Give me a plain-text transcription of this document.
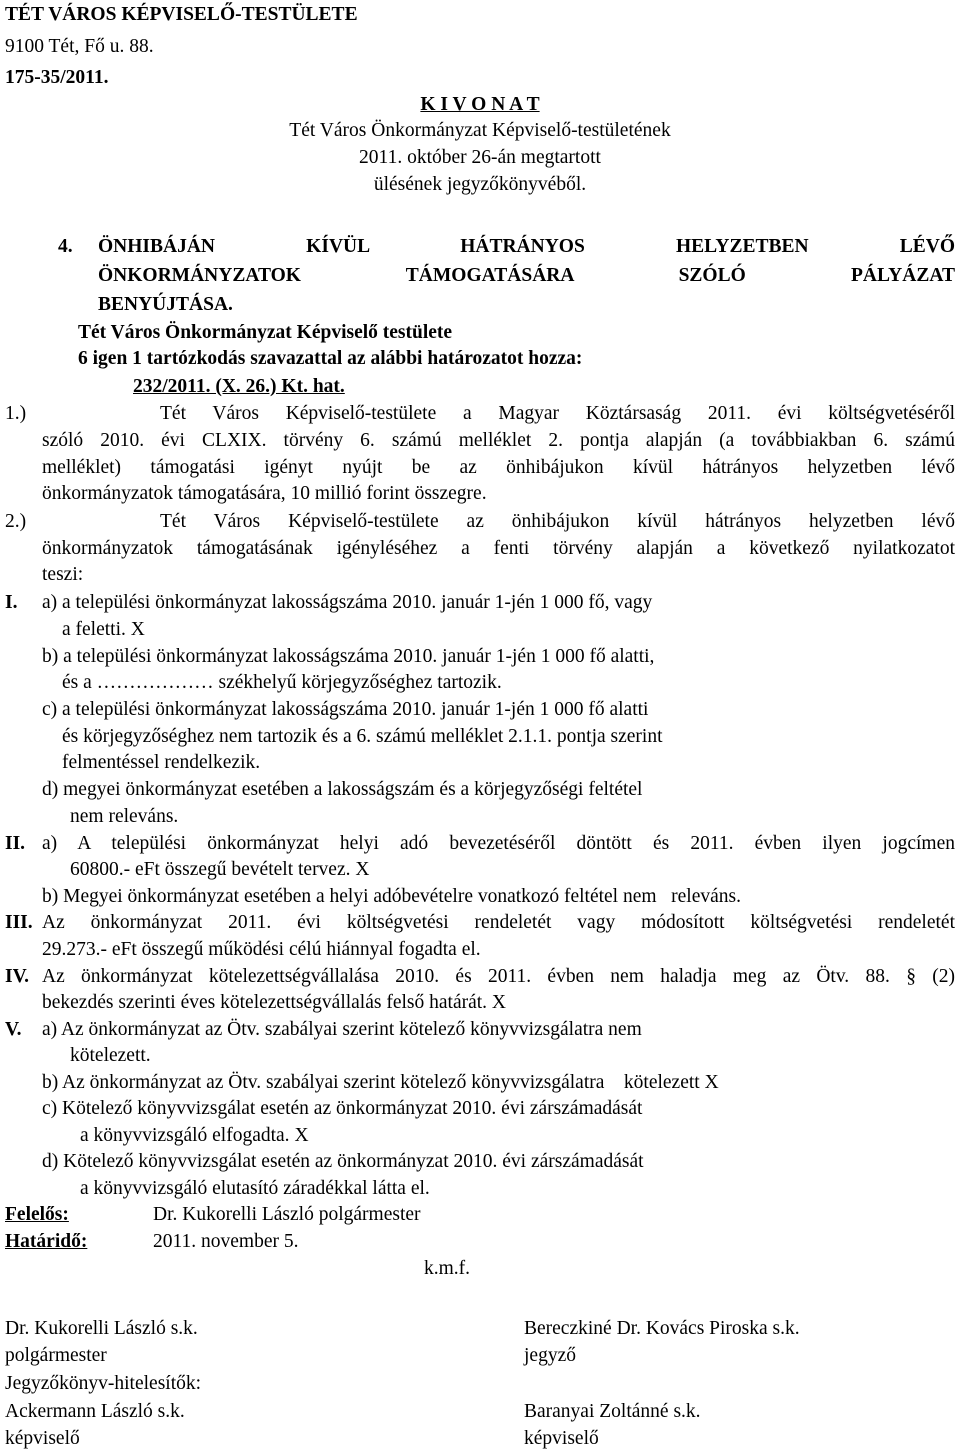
TÉT VÁROS KÉPVISELŐ-TESTÜLETE
9100 Tét, Fő u. 88.
175-35/2011.
K I V O N A T
Tét Város Önkormányzat Képviselő-testületének
2011. október 26-án megtartott
ülésének jegyzőkönyvéből.
4. ÖNHIBÁJÁN KÍVÜL HÁTRÁNYOS HELYZETBEN LÉVŐ
ÖNKORMÁNYZATOK TÁMOGATÁSÁRA SZÓLÓ PÁLYÁZAT
BENYÚJTÁSA.
Tét Város Önkormányzat Képviselő testülete
6 igen 1 tartózkodás szavazattal az alábbi határozatot hozza:
232/2011. (X. 26.) Kt. hat.
1.)	Tét Város Képviselő-testülete a Magyar Köztársaság 2011. évi költségvetéséről
szóló 2010. évi CLXIX. törvény 6. számú melléklet 2. pontja alapján (a továbbiakban 6. számú
melléklet) támogatási igényt nyújt be az önhibájukon kívül hátrányos helyzetben lévő
önkormányzatok támogatására, 10 millió forint összegre.
2.)	Tét Város Képviselő-testülete az önhibájukon kívül hátrányos helyzetben lévő
önkormányzatok támogatásának igényléséhez a fenti törvény alapján a következő nyilatkozatot
teszi:
I. a) a települési önkormányzat lakosságszáma 2010. január 1-jén 1 000 fő, vagy
a feletti. X
b) a települési önkormányzat lakosságszáma 2010. január 1-jén 1 000 fő alatti,
és a ……………… székhelyű körjegyzőséghez tartozik.
c) a települési önkormányzat lakosságszáma 2010. január 1-jén 1 000 fő alatti
és körjegyzőséghez nem tartozik és a 6. számú melléklet 2.1.1. pontja szerint
felmentéssel rendelkezik.
d) megyei önkormányzat esetében a lakosságszám és a körjegyzőségi feltétel
nem releváns.
II. a) A települési önkormányzat helyi adó bevezetéséről döntött és 2011. évben ilyen jogcímen
60800.- eFt összegű bevételt tervez. X
b) Megyei önkormányzat esetében a helyi adóbevételre vonatkozó feltétel nem   releváns.
III. Az önkormányzat 2011. évi költségvetési rendeletét vagy módosított költségvetési rendeletét
29.273.- eFt összegű működési célú hiánnyal fogadta el.
IV. Az önkormányzat kötelezettségvállalása 2010. és 2011. évben nem haladja meg az Ötv. 88. § (2)
bekezdés szerinti éves kötelezettségvállalás felső határát. X
V. a) Az önkormányzat az Ötv. szabályai szerint kötelező könyvvizsgálatra nem
kötelezett.
b) Az önkormányzat az Ötv. szabályai szerint kötelező könyvvizsgálatra    kötelezett X
c) Kötelező könyvvizsgálat esetén az önkormányzat 2010. évi zárszámadását
a könyvvizsgáló elfogadta. X
d) Kötelező könyvvizsgálat esetén az önkormányzat 2010. évi zárszámadását
a könyvvizsgáló elutasító záradékkal látta el.
Felelős:	Dr. Kukorelli László polgármester
Határidő:	2011. november 5.
k.m.f.
Dr. Kukorelli László s.k.
polgármester
Bereczkiné Dr. Kovács Piroska s.k.
jegyző
Jegyzőkönyv-hitelesítők:
Ackermann László s.k.
képviselő
Baranyai Zoltánné s.k.
képviselő
